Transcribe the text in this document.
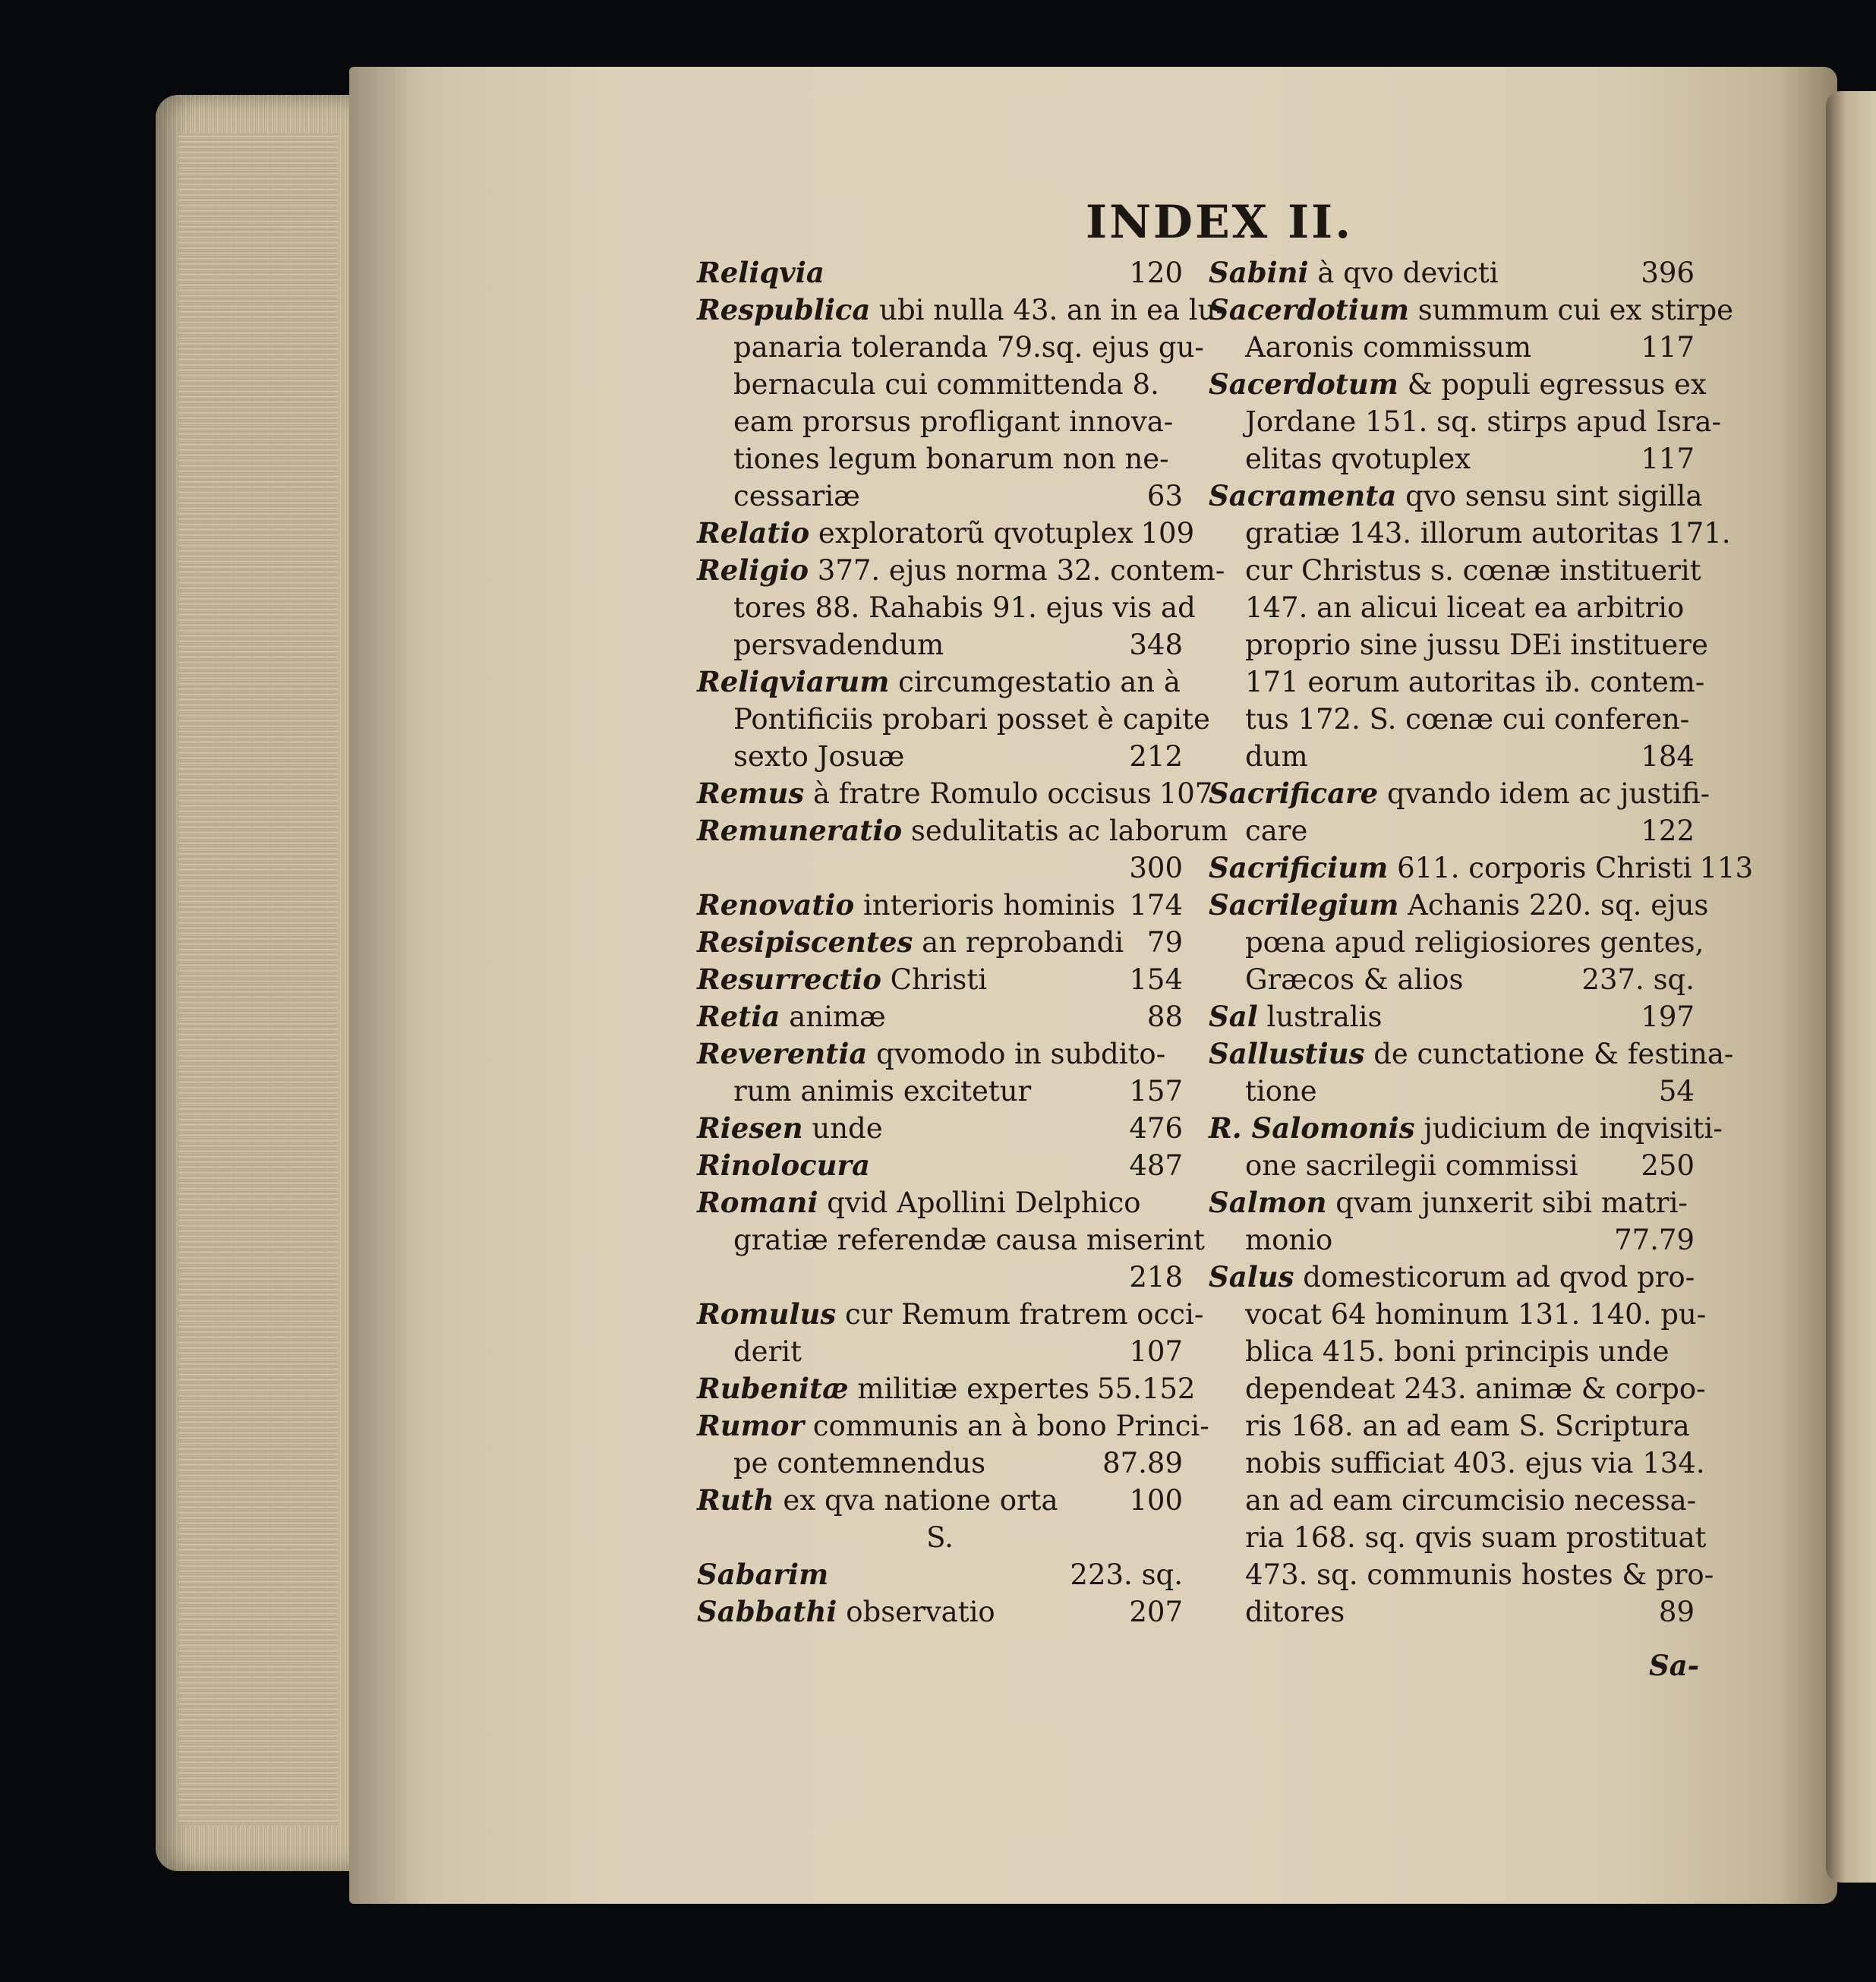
INDEX II.
Reliqvia	120
Respublica ubi nulla 43. an in ea lu-
panaria toleranda 79.sq. ejus gu-
bernacula cui committenda 8.
eam prorsus profligant innova-
tiones legum bonarum non ne-
cessariæ	63
Relatio exploratorũ qvotuplex 109
Religio 377. ejus norma 32. contem-
tores 88. Rahabis 91. ejus vis ad
persvadendum	348
Reliqviarum circumgestatio an à
Pontificiis probari posset è capite
sexto Josuæ	212
Remus à fratre Romulo occisus 107
Remuneratio sedulitatis ac laborum
300
Renovatio interioris hominis 174
Resipiscentes an reprobandi 79
Resurrectio Christi	154
Retia animæ	88
Reverentia qvomodo in subdito-
rum animis excitetur	157
Riesen unde	476
Rinolocura	487
Romani qvid Apollini Delphico
gratiæ referendæ causa miserint
218
Romulus cur Remum fratrem occi-
derit	107
Rubenitæ militiæ expertes 55.152
Rumor communis an à bono Princi-
pe contemnendus	87.89
Ruth ex qva natione orta	100
S.
Sabarim	223. sq.
Sabbathi observatio	207
Sabini à qvo devicti	396
Sacerdotium summum cui ex stirpe
Aaronis commissum	117
Sacerdotum & populi egressus ex
Jordane 151. sq. stirps apud Isra-
elitas qvotuplex	117
Sacramenta qvo sensu sint sigilla
gratiæ 143. illorum autoritas 171.
cur Christus s. cœnæ instituerit
147. an alicui liceat ea arbitrio
proprio sine jussu DEi instituere
171 eorum autoritas ib. contem-
tus 172. S. cœnæ cui conferen-
dum	184
Sacrificare qvando idem ac justifi-
care	122
Sacrificium 611. corporis Christi 113
Sacrilegium Achanis 220. sq. ejus
pœna apud religiosiores gentes,
Græcos & alios	237. sq.
Sal lustralis	197
Sallustius de cunctatione & festina-
tione	54
R. Salomonis judicium de inqvisiti-
one sacrilegii commissi 250
Salmon qvam junxerit sibi matri-
monio	77.79
Salus domesticorum ad qvod pro-
vocat 64 hominum 131. 140. pu-
blica 415. boni principis unde
dependeat 243. animæ & corpo-
ris 168. an ad eam S. Scriptura
nobis sufficiat 403. ejus via 134.
an ad eam circumcisio necessa-
ria 168. sq. qvis suam prostituat
473. sq. communis hostes & pro-
ditores	89
Sa-
